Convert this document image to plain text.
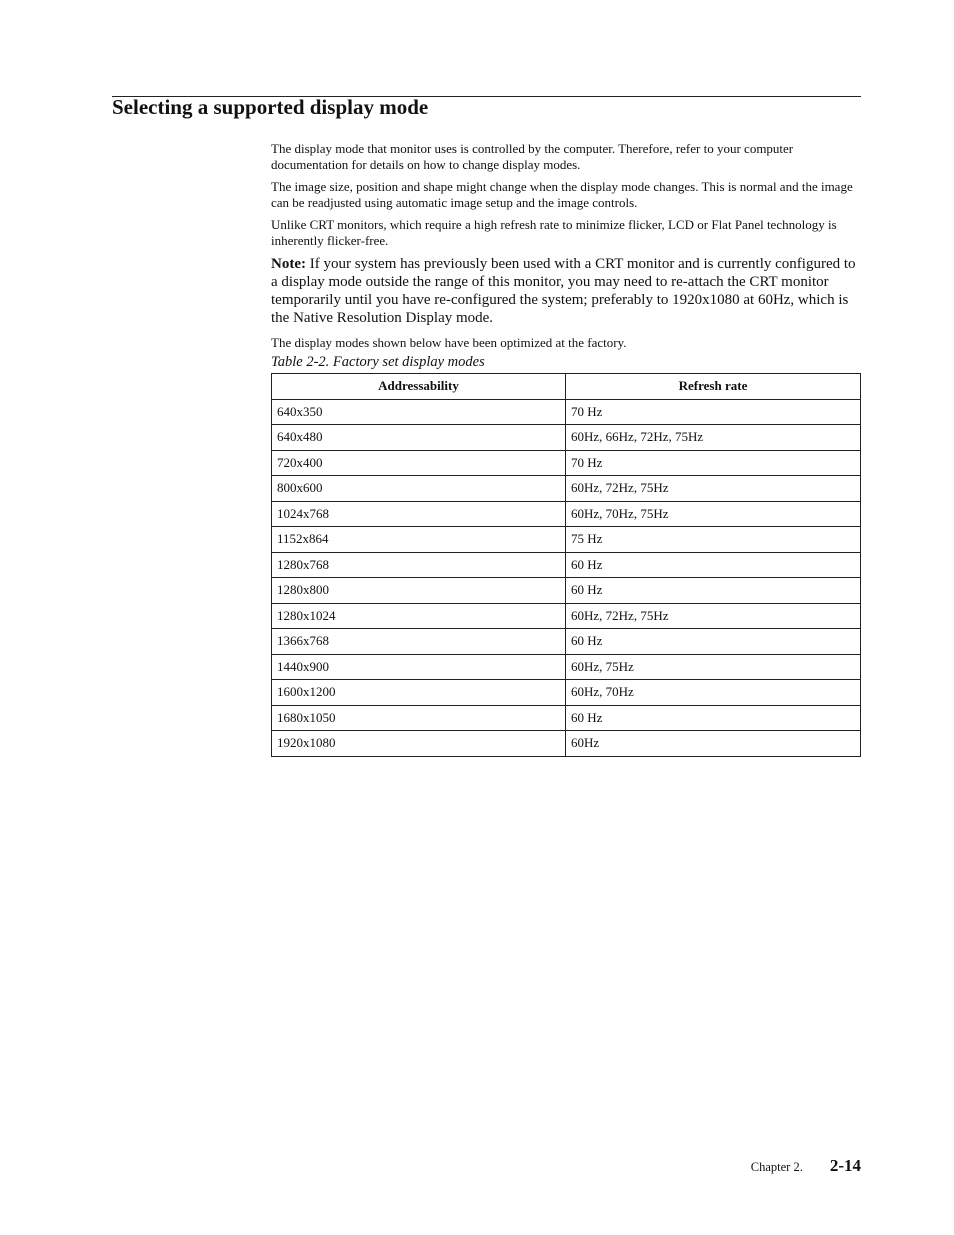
Selecting a supported display mode

The display mode that monitor uses is controlled by the computer. Therefore, refer to your computer documentation for details on how to change display modes.

The image size, position and shape might change when the display mode changes. This is normal and the image can be readjusted using automatic image setup and the image controls.

Unlike CRT monitors, which require a high refresh rate to minimize flicker, LCD or Flat Panel technology is inherently flicker-free.

Note: If your system has previously been used with a CRT monitor and is currently configured to a display mode outside the range of this monitor, you may need to re-attach the CRT monitor temporarily until you have re-configured the system; preferably to 1920x1080 at 60Hz, which is the Native Resolution Display mode.

The display modes shown below have been optimized at the factory.

Table 2-2. Factory set display modes

Addressability	Refresh rate
640x350	70 Hz
640x480	60Hz, 66Hz, 72Hz, 75Hz
720x400	70 Hz
800x600	60Hz, 72Hz, 75Hz
1024x768	60Hz, 70Hz, 75Hz
1152x864	75 Hz
1280x768	60 Hz
1280x800	60 Hz
1280x1024	60Hz, 72Hz, 75Hz
1366x768	60 Hz
1440x900	60Hz, 75Hz
1600x1200	60Hz, 70Hz
1680x1050	60 Hz
1920x1080	60Hz
Chapter 2. 2-14
